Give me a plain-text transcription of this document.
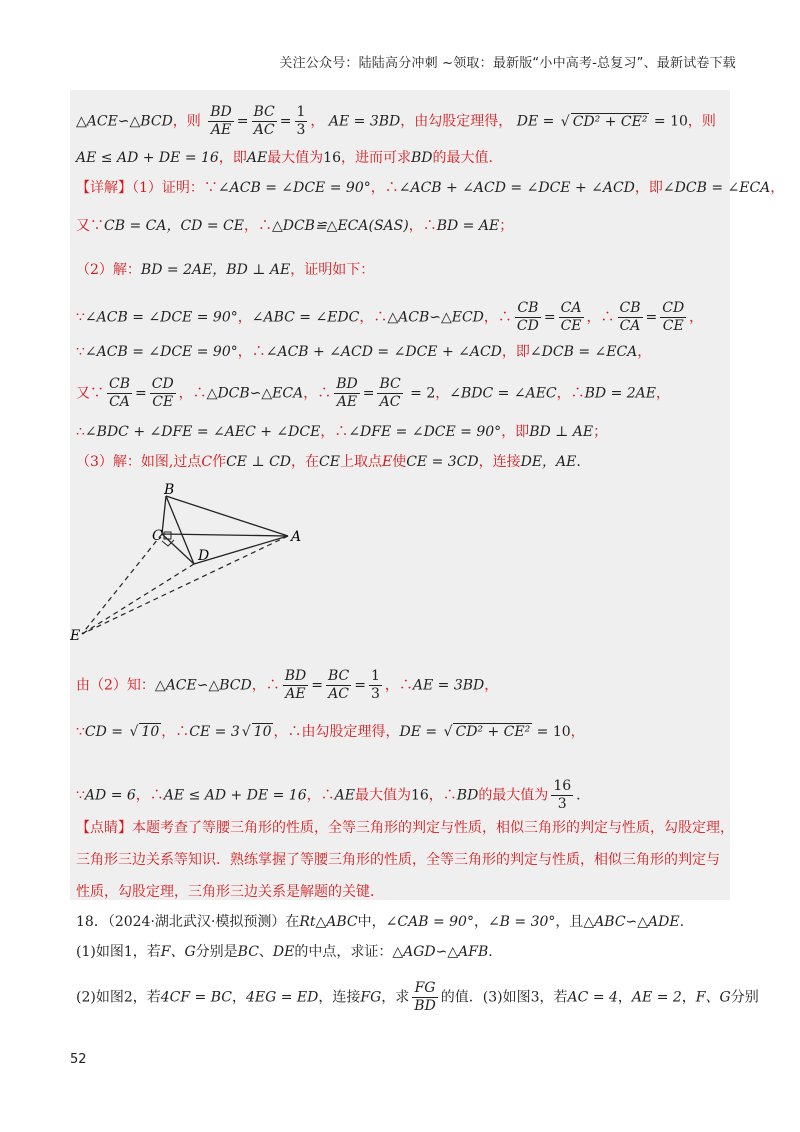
关注公众号：陆陆高分冲刺 ~领取：最新版“小中高考-总复习”、最新试卷下载
△ACE∽△BCD，则 $\frac{BD}{AE} = \frac{BC}{AC} = \frac{1}{3}$ ， AE = 3BD，由勾股定理得， DE = √ CD² + CE² = 10，则
AE ≤ AD + DE = 16，即AE最大值为16，进而可求BD的最大值.
【详解】（1）证明：∵∠ACB = ∠DCE = 90°，∴∠ACB + ∠ACD = ∠DCE + ∠ACD，即∠DCB = ∠ECA，
又∵CB = CA，CD = CE，∴△DCB≌△ECA(SAS)，∴BD = AE；
（2）解：BD = 2AE，BD ⊥ AE，证明如下：
∵∠ACB = ∠DCE = 90°，∠ABC = ∠EDC，∴△ACB∽△ECD，∴ $\frac{CB}{CD} = \frac{CA}{CE}$ ，∴ $\frac{CB}{CA} = \frac{CD}{CE}$ ，
∵∠ACB = ∠DCE = 90°，∴∠ACB + ∠ACD = ∠DCE + ∠ACD，即∠DCB = ∠ECA，
又∵ $\frac{CB}{CA} = \frac{CD}{CE}$ ，∴△DCB∽△ECA，∴ $\frac{BD}{AE} = \frac{BC}{AC} = 2$，∠BDC = ∠AEC，∴BD = 2AE，
∴∠BDC + ∠DFE = ∠AEC + ∠DCE，∴∠DFE = ∠DCE = 90°，即BD ⊥ AE；
（3）解：如图,过点C作CE ⊥ CD，在CE上取点E使CE = 3CD，连接DE，AE.
B
C
D
A
E
由（2）知：△ACE∽△BCD，∴ $\frac{BD}{AE} = \frac{BC}{AC} = \frac{1}{3}$ ，∴AE = 3BD，
∵CD = √ 10 ，∴CE = 3 √ 10 ，∴由勾股定理得，DE = √ CD² + CE² = 10，
∵AD = 6，∴AE ≤ AD + DE = 16，∴AE最大值为16，∴BD的最大值为 $\frac{16}{3}$ .
【点睛】本题考查了等腰三角形的性质，全等三角形的判定与性质，相似三角形的判定与性质，勾股定理，
三角形三边关系等知识．熟练掌握了等腰三角形的性质，全等三角形的判定与性质，相似三角形的判定与
性质，勾股定理，三角形三边关系是解题的关键．
18．（2024·湖北武汉·模拟预测）在Rt△ABC中，∠CAB = 90°，∠B = 30°，且△ABC∽△ADE.
(1)如图1，若F、G分别是BC、DE的中点，求证：△AGD∽△AFB.
(2)如图2，若4CF = BC，4EG = ED，连接FG，求 $\frac{FG}{BD}$ 的值．(3)如图3，若AC = 4，AE = 2，F、G分别
52
